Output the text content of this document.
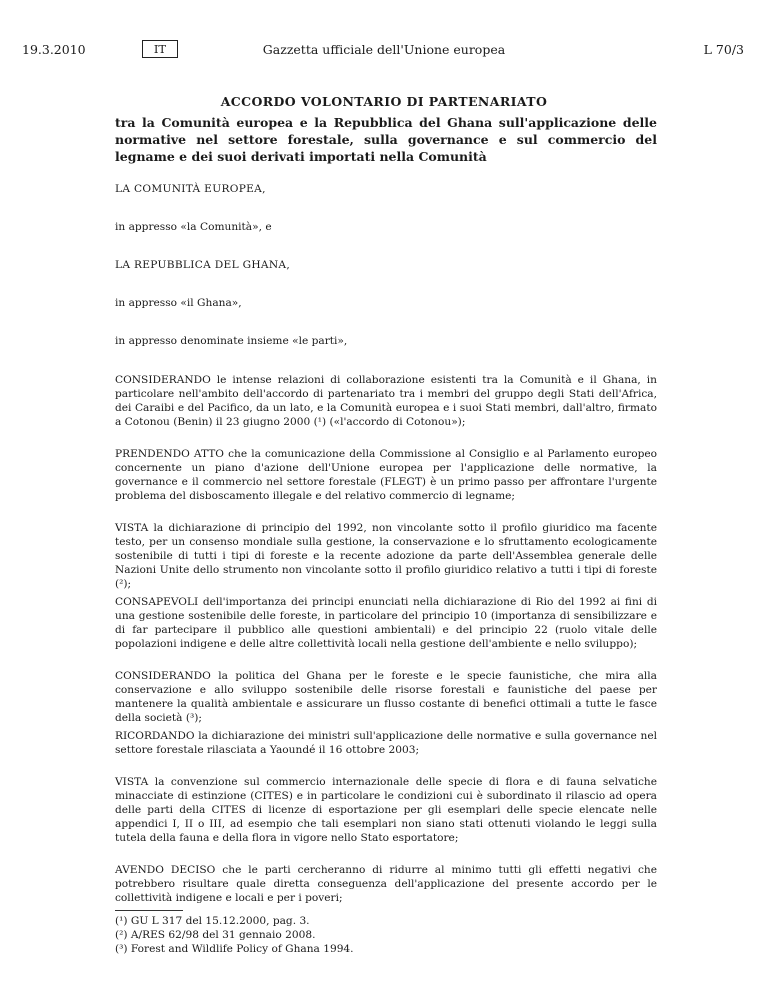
19.3.2010	IT	Gazzetta ufficiale dell'Unione europea	L 70/3
ACCORDO VOLONTARIO DI PARTENARIATO
tra la Comunità europea e la Repubblica del Ghana sull'applicazione delle normative nel settore forestale, sulla governance e sul commercio del legname e dei suoi derivati importati nella Comunità
LA COMUNITÀ EUROPEA,
in appresso «la Comunità», e
LA REPUBBLICA DEL GHANA,
in appresso «il Ghana»,
in appresso denominate insieme «le parti»,
CONSIDERANDO le intense relazioni di collaborazione esistenti tra la Comunità e il Ghana, in particolare nell'ambito dell'accordo di partenariato tra i membri del gruppo degli Stati dell'Africa, dei Caraibi e del Pacifico, da un lato, e la Comunità europea e i suoi Stati membri, dall'altro, firmato a Cotonou (Benin) il 23 giugno 2000 (¹) («l'accordo di Cotonou»);
PRENDENDO ATTO che la comunicazione della Commissione al Consiglio e al Parlamento europeo concernente un piano d'azione dell'Unione europea per l'applicazione delle normative, la governance e il commercio nel settore forestale (FLEGT) è un primo passo per affrontare l'urgente problema del disboscamento illegale e del relativo commercio di legname;
VISTA la dichiarazione di principio del 1992, non vincolante sotto il profilo giuridico ma facente testo, per un consenso mondiale sulla gestione, la conservazione e lo sfruttamento ecologicamente sostenibile di tutti i tipi di foreste e la recente adozione da parte dell'Assemblea generale delle Nazioni Unite dello strumento non vincolante sotto il profilo giuridico relativo a tutti i tipi di foreste (²);
CONSAPEVOLI dell'importanza dei principi enunciati nella dichiarazione di Rio del 1992 ai fini di una gestione sostenibile delle foreste, in particolare del principio 10 (importanza di sensibilizzare e di far partecipare il pubblico alle questioni ambientali) e del principio 22 (ruolo vitale delle popolazioni indigene e delle altre collettività locali nella gestione dell'ambiente e nello sviluppo);
CONSIDERANDO la politica del Ghana per le foreste e le specie faunistiche, che mira alla conservazione e allo sviluppo sostenibile delle risorse forestali e faunistiche del paese per mantenere la qualità ambientale e assicurare un flusso costante di benefici ottimali a tutte le fasce della società (³);
RICORDANDO la dichiarazione dei ministri sull'applicazione delle normative e sulla governance nel settore forestale rilasciata a Yaoundé il 16 ottobre 2003;
VISTA la convenzione sul commercio internazionale delle specie di flora e di fauna selvatiche minacciate di estinzione (CITES) e in particolare le condizioni cui è subordinato il rilascio ad opera delle parti della CITES di licenze di esportazione per gli esemplari delle specie elencate nelle appendici I, II o III, ad esempio che tali esemplari non siano stati ottenuti violando le leggi sulla tutela della fauna e della flora in vigore nello Stato esportatore;
AVENDO DECISO che le parti cercheranno di ridurre al minimo tutti gli effetti negativi che potrebbero risultare quale diretta conseguenza dell'applicazione del presente accordo per le collettività indigene e locali e per i poveri;
(¹) GU L 317 del 15.12.2000, pag. 3.
(²) A/RES 62/98 del 31 gennaio 2008.
(³) Forest and Wildlife Policy of Ghana 1994.
